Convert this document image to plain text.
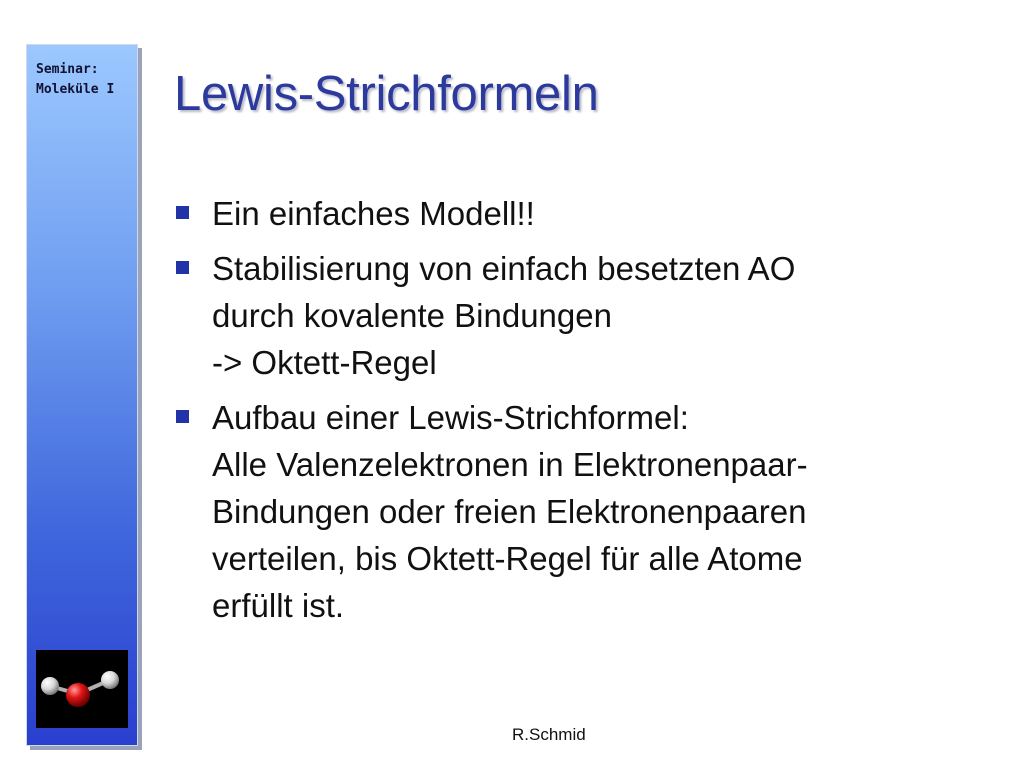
Seminar:
Moleküle I Lewis-Strichformeln
Ein einfaches Modell!!
Stabilisierung von einfach besetzten AO
durch kovalente Bindungen
-> Oktett-Regel
Aufbau einer Lewis-Strichformel:
Alle Valenzelektronen in Elektronenpaar-
Bindungen oder freien Elektronenpaaren
verteilen, bis Oktett-Regel für alle Atome
erfüllt ist.
R.Schmid
